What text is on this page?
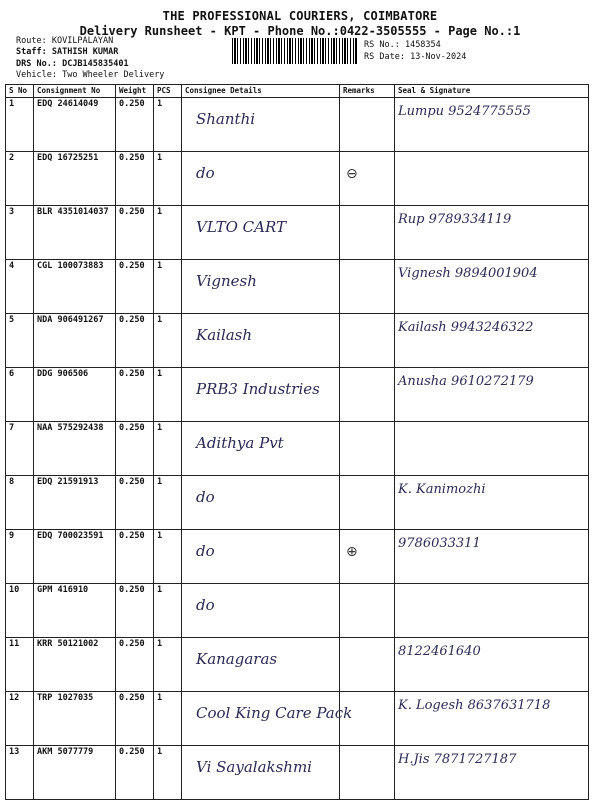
THE PROFESSIONAL COURIERS, COIMBATORE
Delivery Runsheet - KPT - Phone No.:0422-3505555 - Page No.:1
Route: KOVILPALAYAN
Staff: SATHISH KUMAR
DRS No.: DCJB145835401
Vehicle: Two Wheeler Delivery
RS No.: 1458354
RS Date: 13-Nov-2024
S No	Consignment No	Weight	PCS	Consignee Details	Remarks	Seal & Signature
1	EDQ 24614049	0.250	1	Shanthi		Lumpu 9524775555
2	EDQ 16725251	0.250	1	do	⊖	
3	BLR 4351014037	0.250	1	VLTO CART		Rup 9789334119
4	CGL 100073883	0.250	1	Vignesh		Vignesh 9894001904
5	NDA 906491267	0.250	1	Kailash		Kailash 9943246322
6	DDG 906506	0.250	1	PRB3 Industries		Anusha 9610272179
7	NAA 575292438	0.250	1	Adithya Pvt		
8	EDQ 21591913	0.250	1	do		K. Kanimozhi
9	EDQ 700023591	0.250	1	do	⊕	9786033311
10	GPM 416910	0.250	1	do		
11	KRR 50121002	0.250	1	Kanagaras		8122461640
12	TRP 1027035	0.250	1	Cool King Care Pack		K. Logesh 8637631718
13	AKM 5077779	0.250	1	Vi Sayalakshmi		H.Jis 7871727187
